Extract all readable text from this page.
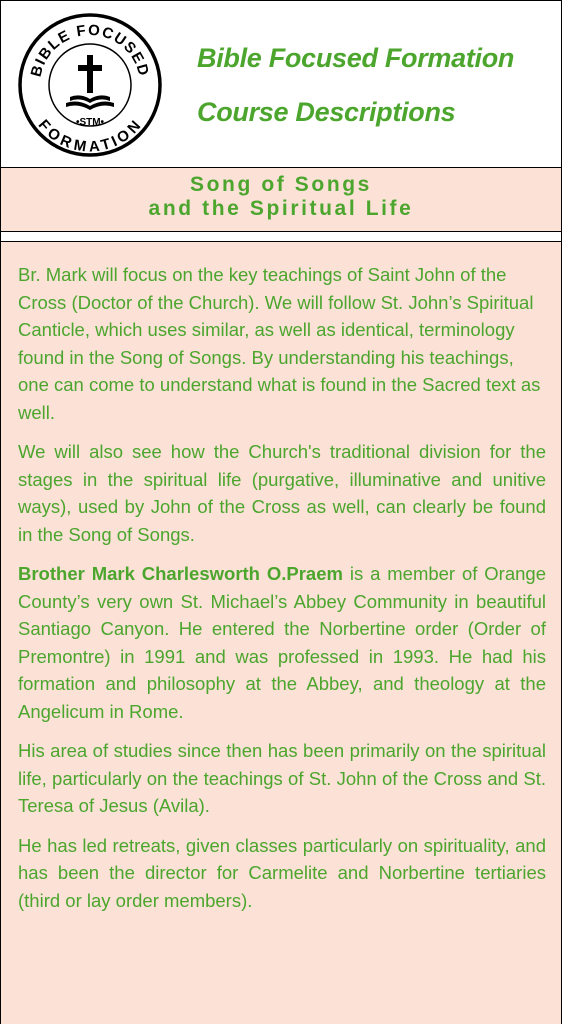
BIBLE FOCUSED
FORMATION
•STM•
Bible Focused Formation
Course Descriptions
Song of Songs
and the Spiritual Life

Br. Mark will focus on the key teachings of Saint John of the Cross (Doctor of the Church). We will follow St. John’s Spiritual Canticle, which uses similar, as well as identical, terminology found in the Song of Songs. By understanding his teachings, one can come to understand what is found in the Sacred text as well.

We will also see how the Church's traditional division for the stages in the spiritual life (purgative, illuminative and unitive ways), used by John of the Cross as well, can clearly be found in the Song of Songs.

Brother Mark Charlesworth O.Praem is a member of Orange County’s very own St. Michael’s Abbey Community in beautiful Santiago Canyon. He entered the Norbertine order (Order of Premontre) in 1991 and was professed in 1993. He had his formation and philosophy at the Abbey, and theology at the Angelicum in Rome.

His area of studies since then has been primarily on the spiritual life, particularly on the teachings of St. John of the Cross and St. Teresa of Jesus (Avila).

He has led retreats, given classes particularly on spirituality, and has been the director for Carmelite and Norbertine tertiaries (third or lay order members).
